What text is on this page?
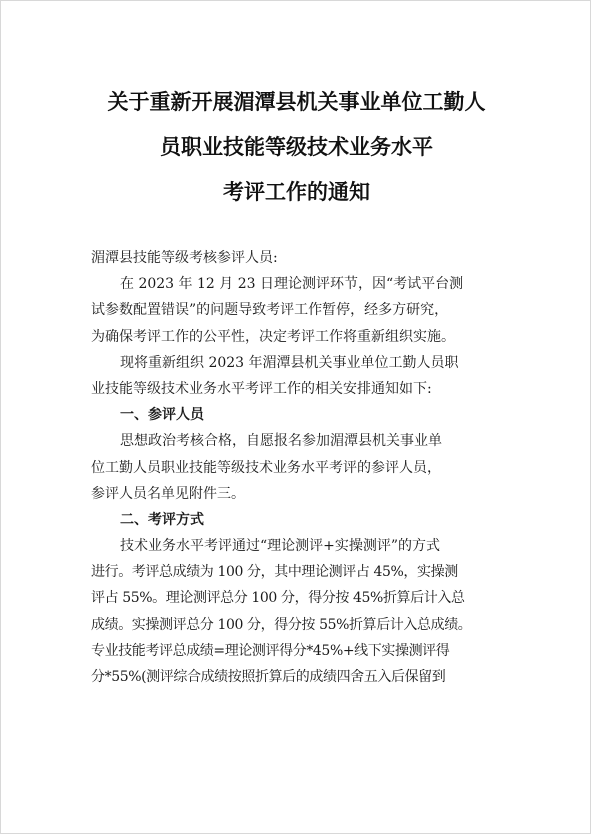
关于重新开展湄潭县机关事业单位工勤人
员职业技能等级技术业务水平
考评工作的通知
湄潭县技能等级考核参评人员:
在 2023 年 12 月 23 日理论测评环节，因“考试平台测
试参数配置错误”的问题导致考评工作暂停，经多方研究，
为确保考评工作的公平性，决定考评工作将重新组织实施。
现将重新组织 2023 年湄潭县机关事业单位工勤人员职
业技能等级技术业务水平考评工作的相关安排通知如下:
一、参评人员
思想政治考核合格，自愿报名参加湄潭县机关事业单
位工勤人员职业技能等级技术业务水平考评的参评人员，
参评人员名单见附件三。
二、考评方式
技术业务水平考评通过“理论测评+实操测评”的方式
进行。考评总成绩为 100 分，其中理论测评占 45%，实操测
评占 55%。理论测评总分 100 分，得分按 45%折算后计入总
成绩。实操测评总分 100 分，得分按 55%折算后计入总成绩。
专业技能考评总成绩=理论测评得分*45%+线下实操测评得
分*55%(测评综合成绩按照折算后的成绩四舍五入后保留到
